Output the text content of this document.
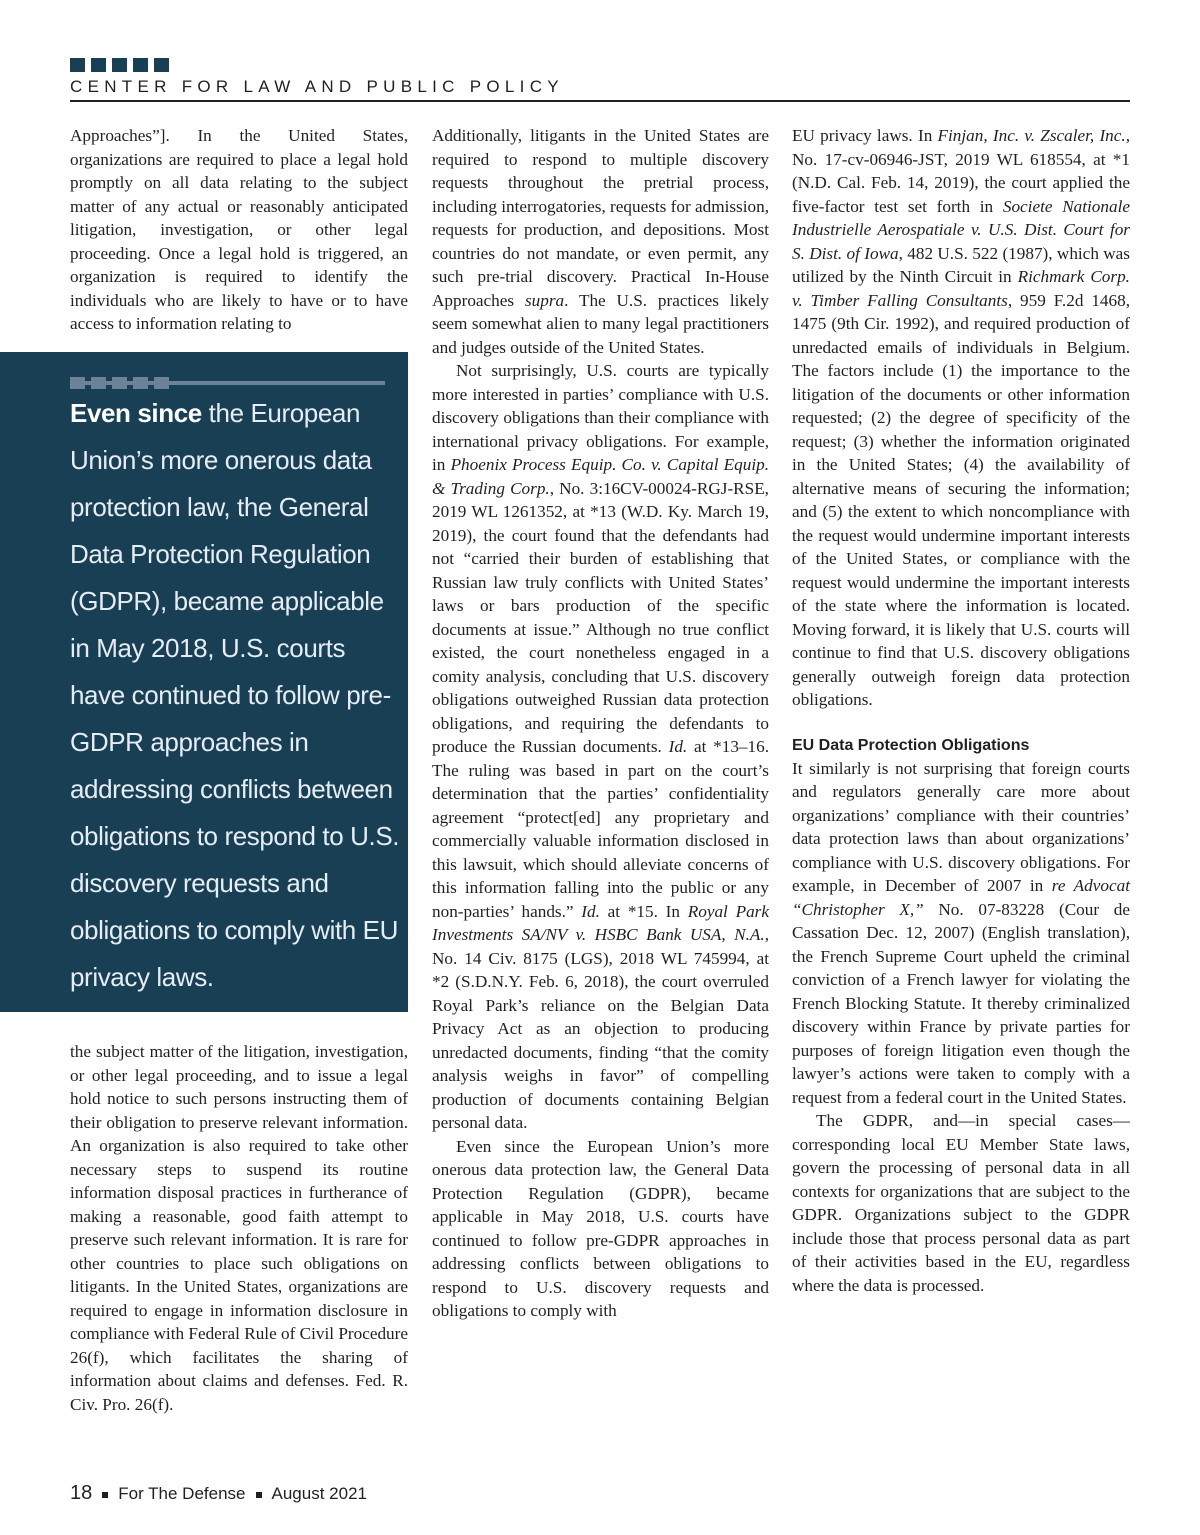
CENTER FOR LAW AND PUBLIC POLICY

Approaches”]. In the United States, organizations are required to place a legal hold promptly on all data relating to the subject matter of any actual or reasonably anticipated litigation, investigation, or other legal proceeding. Once a legal hold is triggered, an organization is required to identify the individuals who are likely to have or to have access to information relating to

Even since the European Union’s more onerous data protection law, the General Data Protection Regulation (GDPR), became applicable in May 2018, U.S. courts have continued to follow pre-GDPR approaches in addressing conflicts between obligations to respond to U.S. discovery requests and obligations to comply with EU privacy laws.

the subject matter of the litigation, investigation, or other legal proceeding, and to issue a legal hold notice to such persons instructing them of their obligation to preserve relevant information. An organization is also required to take other necessary steps to suspend its routine information disposal practices in furtherance of making a reasonable, good faith attempt to preserve such relevant information. It is rare for other countries to place such obligations on litigants. In the United States, organizations are required to engage in information disclosure in compliance with Federal Rule of Civil Procedure 26(f), which facilitates the sharing of information about claims and defenses. Fed. R. Civ. Pro. 26(f).

Additionally, litigants in the United States are required to respond to multiple discovery requests throughout the pretrial process, including interrogatories, requests for admission, requests for production, and depositions. Most countries do not mandate, or even permit, any such pre-trial discovery. Practical In-House Approaches supra. The U.S. practices likely seem somewhat alien to many legal practitioners and judges outside of the United States.

Not surprisingly, U.S. courts are typically more interested in parties’ compliance with U.S. discovery obligations than their compliance with international privacy obligations. For example, in Phoenix Process Equip. Co. v. Capital Equip. & Trading Corp., No. 3:16CV-00024-RGJ-RSE, 2019 WL 1261352, at *13 (W.D. Ky. March 19, 2019), the court found that the defendants had not “carried their burden of establishing that Russian law truly conflicts with United States’ laws or bars production of the specific documents at issue.” Although no true conflict existed, the court nonetheless engaged in a comity analysis, concluding that U.S. discovery obligations outweighed Russian data protection obligations, and requiring the defendants to produce the Russian documents. Id. at *13–16. The ruling was based in part on the court’s determination that the parties’ confidentiality agreement “protect[ed] any proprietary and commercially valuable information disclosed in this lawsuit, which should alleviate concerns of this information falling into the public or any non-parties’ hands.” Id. at *15. In Royal Park Investments SA/NV v. HSBC Bank USA, N.A., No. 14 Civ. 8175 (LGS), 2018 WL 745994, at *2 (S.D.N.Y. Feb. 6, 2018), the court overruled Royal Park’s reliance on the Belgian Data Privacy Act as an objection to producing unredacted documents, finding “that the comity analysis weighs in favor” of compelling production of documents containing Belgian personal data.

Even since the European Union’s more onerous data protection law, the General Data Protection Regulation (GDPR), became applicable in May 2018, U.S. courts have continued to follow pre-GDPR approaches in addressing conflicts between obligations to respond to U.S. discovery requests and obligations to comply with

EU privacy laws. In Finjan, Inc. v. Zscaler, Inc., No. 17-cv-06946-JST, 2019 WL 618554, at *1 (N.D. Cal. Feb. 14, 2019), the court applied the five-factor test set forth in Societe Nationale Industrielle Aerospatiale v. U.S. Dist. Court for S. Dist. of Iowa, 482 U.S. 522 (1987), which was utilized by the Ninth Circuit in Richmark Corp. v. Timber Falling Consultants, 959 F.2d 1468, 1475 (9th Cir. 1992), and required production of unredacted emails of individuals in Belgium. The factors include (1) the importance to the litigation of the documents or other information requested; (2) the degree of specificity of the request; (3) whether the information originated in the United States; (4) the availability of alternative means of securing the information; and (5) the extent to which noncompliance with the request would undermine important interests of the United States, or compliance with the request would undermine the important interests of the state where the information is located. Moving forward, it is likely that U.S. courts will continue to find that U.S. discovery obligations generally outweigh foreign data protection obligations.

EU Data Protection Obligations

It similarly is not surprising that foreign courts and regulators generally care more about organizations’ compliance with their countries’ data protection laws than about organizations’ compliance with U.S. discovery obligations. For example, in December of 2007 in re Advocat “Christopher X,” No. 07-83228 (Cour de Cassation Dec. 12, 2007) (English translation), the French Supreme Court upheld the criminal conviction of a French lawyer for violating the French Blocking Statute. It thereby criminalized discovery within France by private parties for purposes of foreign litigation even though the lawyer’s actions were taken to comply with a request from a federal court in the United States.

The GDPR, and—in special cases—corresponding local EU Member State laws, govern the processing of personal data in all contexts for organizations that are subject to the GDPR. Organizations subject to the GDPR include those that process personal data as part of their activities based in the EU, regardless where the data is processed.

18 For The Defense August 2021
